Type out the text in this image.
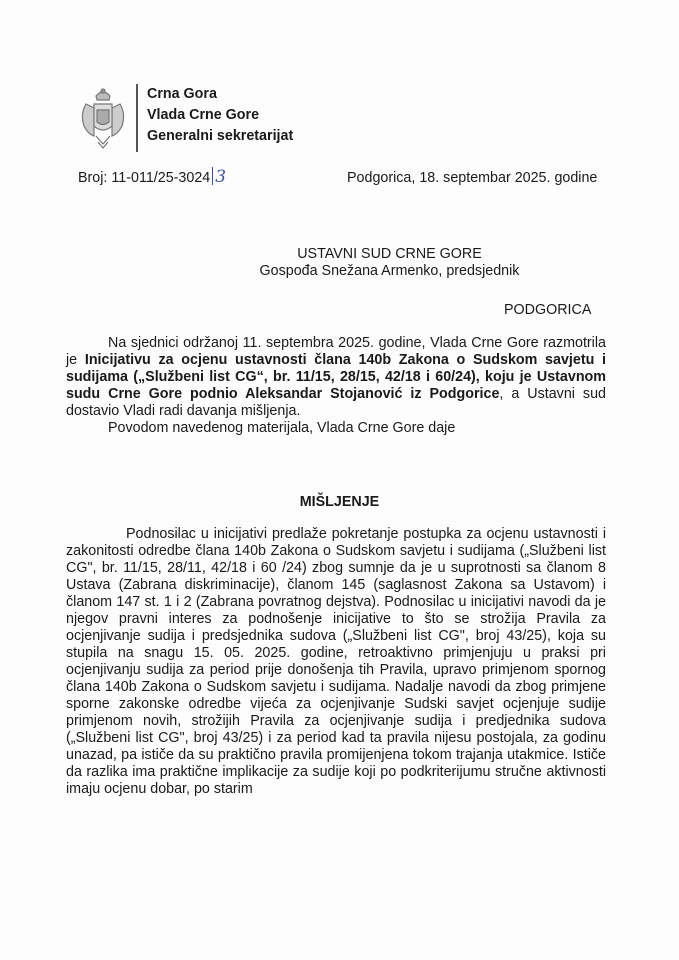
Crna Gora
Vlada Crne Gore
Generalni sekretarijat
Broj: 11-011/25-3024 3	Podgorica, 18. septembar 2025. godine
USTAVNI SUD CRNE GORE
Gospođa Snežana Armenko, predsjednik
PODGORICA

Na sjednici održanoj 11. septembra 2025. godine, Vlada Crne Gore razmotrila je Inicijativu za ocjenu ustavnosti člana 140b Zakona o Sudskom savjetu i sudijama („Službeni list CG“, br. 11/15, 28/15, 42/18 i 60/24), koju je Ustavnom sudu Crne Gore podnio Aleksandar Stojanović iz Podgorice, a Ustavni sud dostavio Vladi radi davanja mišljenja.

Povodom navedenog materijala, Vlada Crne Gore daje

MIŠLJENJE

Podnosilac u inicijativi predlaže pokretanje postupka za ocjenu ustavnosti i zakonitosti odredbe člana 140b Zakona o Sudskom savjetu i sudijama („Službeni list CG", br. 11/15, 28/11, 42/18 i 60 /24) zbog sumnje da je u suprotnosti sa članom 8 Ustava (Zabrana diskriminacije), članom 145 (saglasnost Zakona sa Ustavom) i članom 147 st. 1 i 2 (Zabrana povratnog dejstva). Podnosilac u inicijativi navodi da je njegov pravni interes za podnošenje inicijative to što se strožija Pravila za ocjenjivanje sudija i predsjednika sudova („Službeni list CG", broj 43/25), koja su stupila na snagu 15. 05. 2025. godine, retroaktivno primjenjuju u praksi pri ocjenjivanju sudija za period prije donošenja tih Pravila, upravo primjenom spornog člana 140b Zakona o Sudskom savjetu i sudijama. Nadalje navodi da zbog primjene sporne zakonske odredbe vijeća za ocjenjivanje Sudski savjet ocjenjuje sudije primjenom novih, strožijih Pravila za ocjenjivanje sudija i predjednika sudova („Službeni list CG", broj 43/25) i za period kad ta pravila nijesu postojala, za godinu unazad, pa ističe da su praktično pravila promijenjena tokom trajanja utakmice. Ističe da razlika ima praktične implikacije za sudije koji po podkriterijumu stručne aktivnosti imaju ocjenu dobar, po starim
